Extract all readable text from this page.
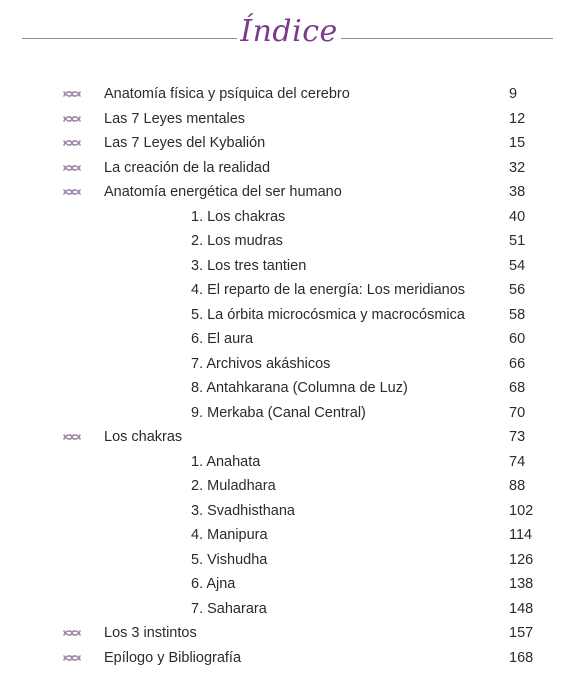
Índice
Anatomía física y psíquica del cerebro	9
Las 7 Leyes mentales	12
Las 7 Leyes del Kybalión	15
La creación de la realidad	32
Anatomía energética del ser humano	38
1. Los chakras	40
2. Los mudras	51
3. Los tres tantien	54
4. El reparto de la energía: Los meridianos	56
5. La órbita microcósmica y macrocósmica	58
6. El aura	60
7. Archivos akáshicos	66
8. Antahkarana (Columna de Luz)	68
9. Merkaba (Canal Central)	70
Los chakras	73
1. Anahata	74
2. Muladhara	88
3. Svadhisthana	102
4. Manipura	114
5. Vishudha	126
6. Ajna	138
7. Saharara	148
Los 3 instintos	157
Epílogo y Bibliografía	168
